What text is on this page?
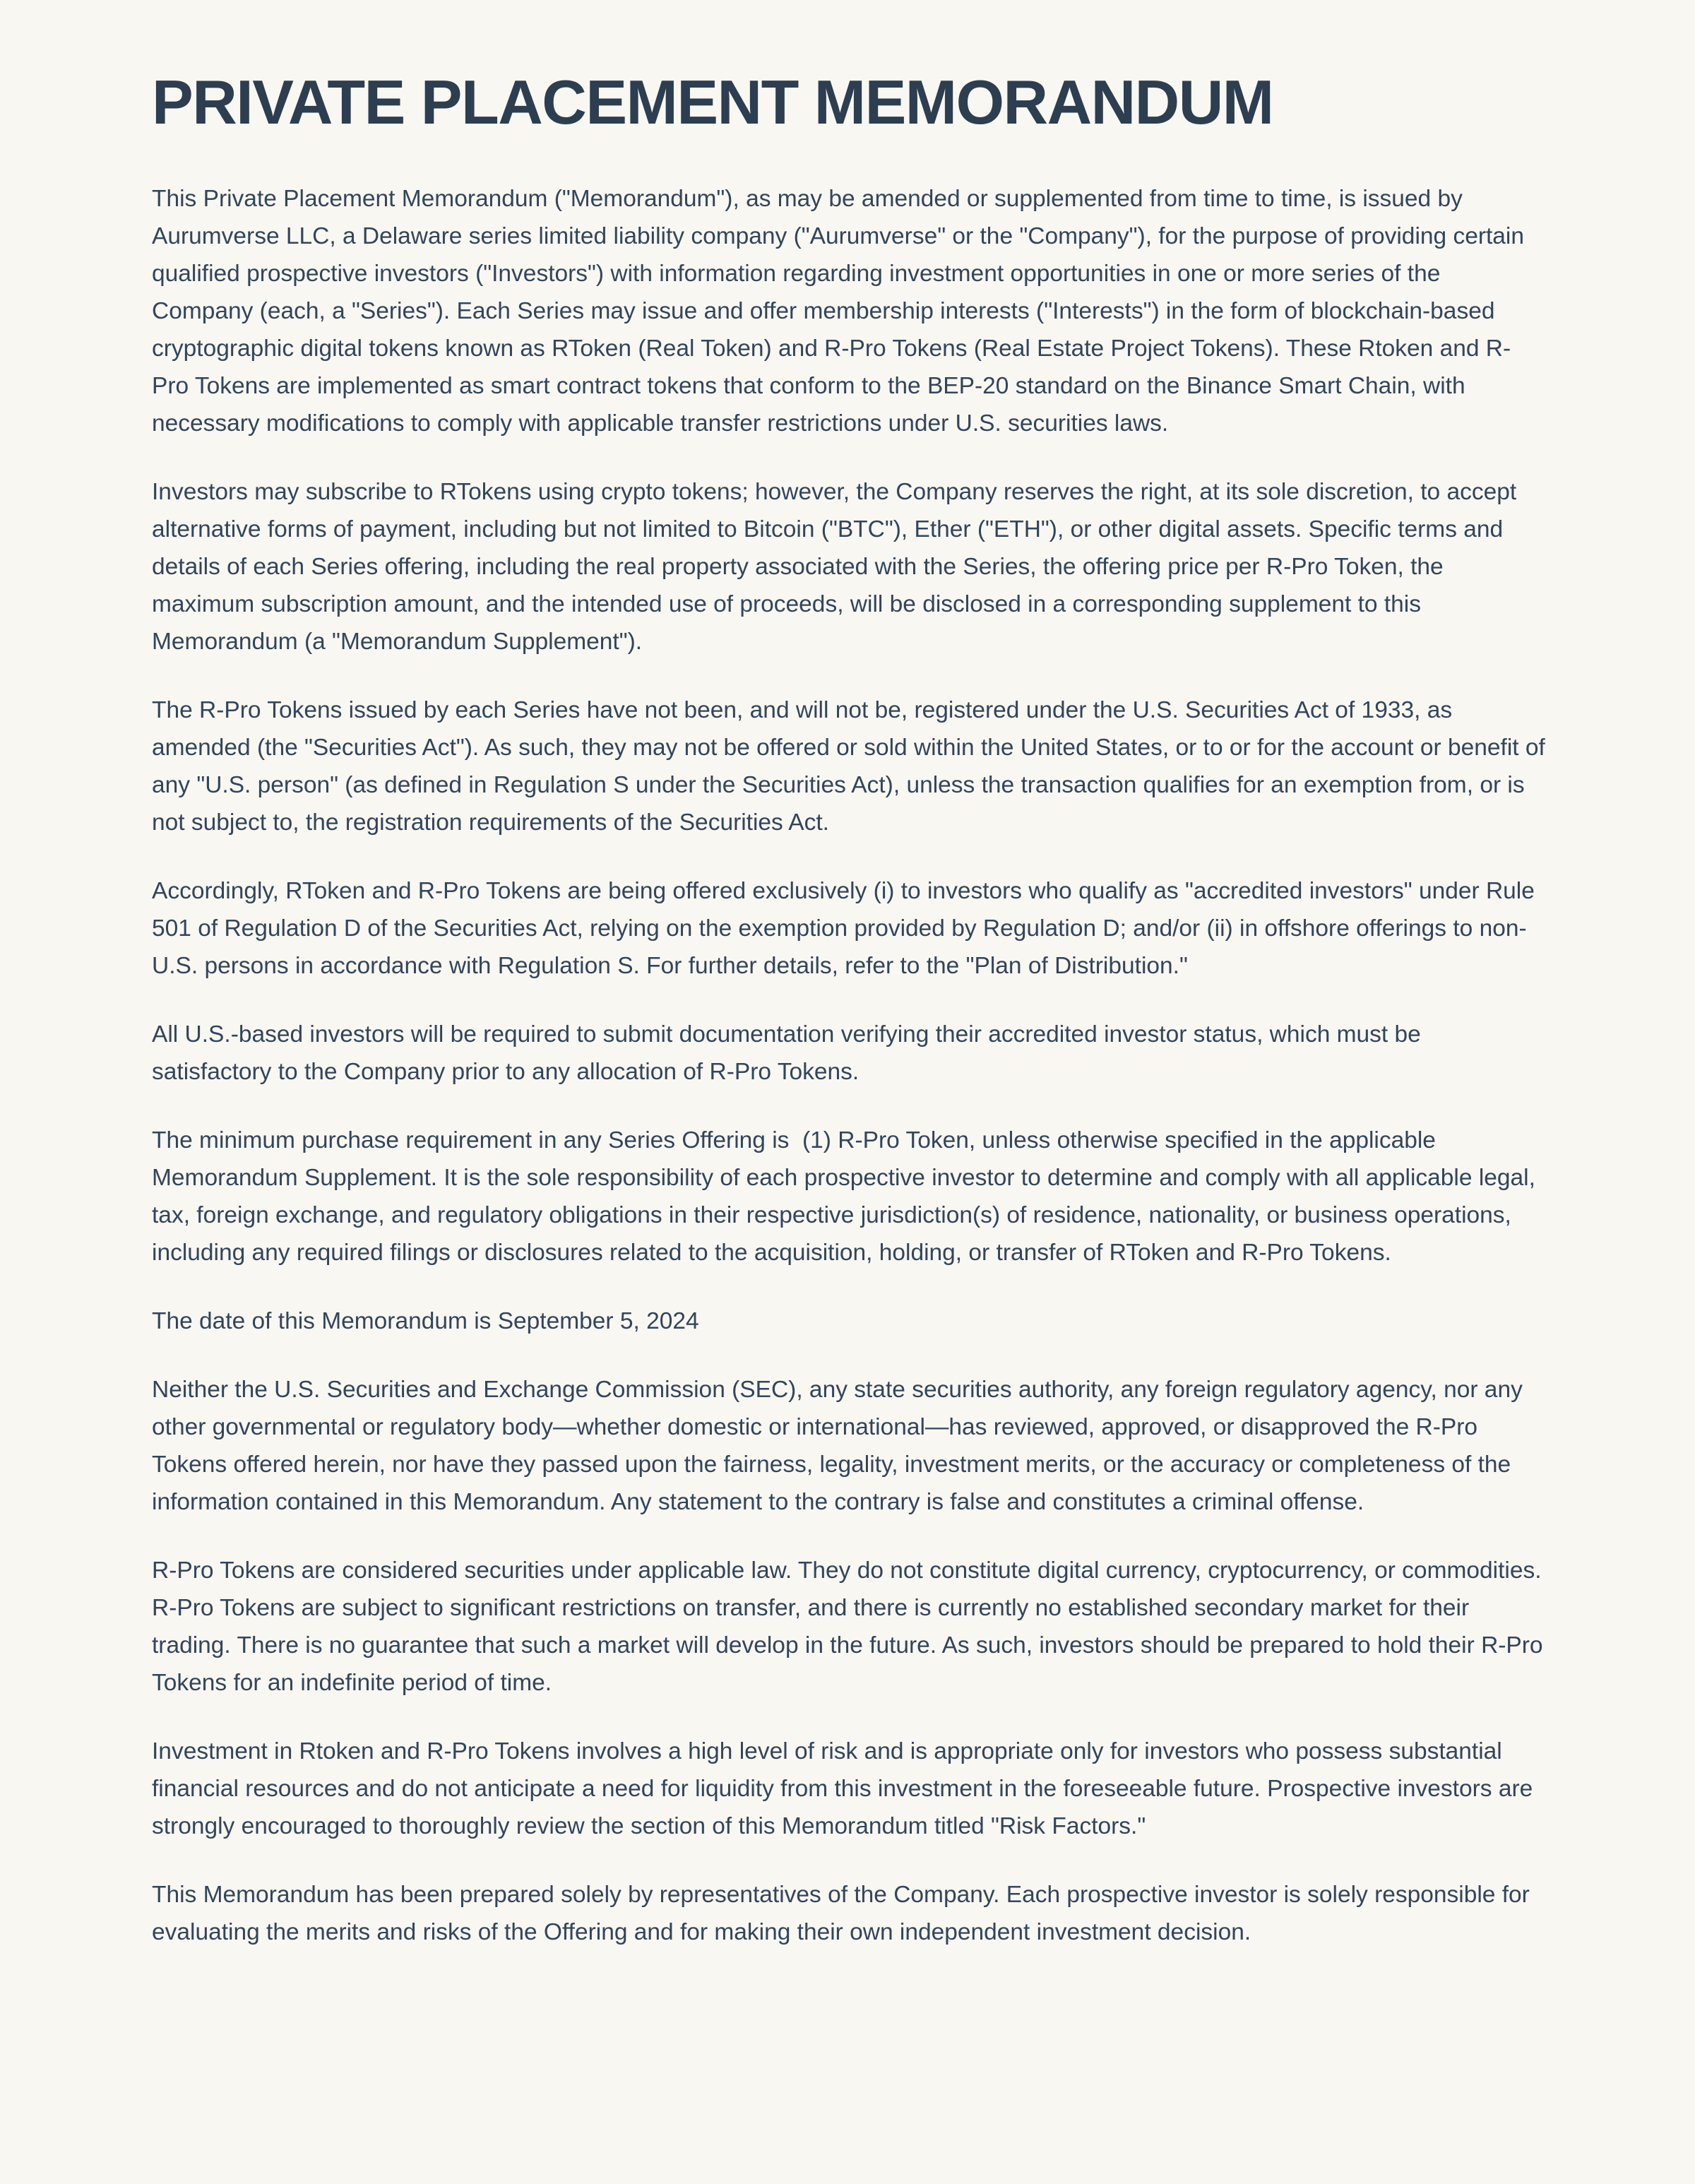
PRIVATE PLACEMENT MEMORANDUM

This Private Placement Memorandum ("Memorandum"), as may be amended or supplemented from time to time, is issued by Aurumverse LLC, a Delaware series limited liability company ("Aurumverse" or the "Company"), for the purpose of providing certain qualified prospective investors ("Investors") with information regarding investment opportunities in one or more series of the Company (each, a "Series"). Each Series may issue and offer membership interests ("Interests") in the form of blockchain-based cryptographic digital tokens known as RToken (Real Token) and R-Pro Tokens (Real Estate Project Tokens). These Rtoken and R-Pro Tokens are implemented as smart contract tokens that conform to the BEP-20 standard on the Binance Smart Chain, with necessary modifications to comply with applicable transfer restrictions under U.S. securities laws.

Investors may subscribe to RTokens using crypto tokens; however, the Company reserves the right, at its sole discretion, to accept alternative forms of payment, including but not limited to Bitcoin ("BTC"), Ether ("ETH"), or other digital assets. Specific terms and details of each Series offering, including the real property associated with the Series, the offering price per R-Pro Token, the maximum subscription amount, and the intended use of proceeds, will be disclosed in a corresponding supplement to this Memorandum (a "Memorandum Supplement").

The R-Pro Tokens issued by each Series have not been, and will not be, registered under the U.S. Securities Act of 1933, as amended (the "Securities Act"). As such, they may not be offered or sold within the United States, or to or for the account or benefit of any "U.S. person" (as defined in Regulation S under the Securities Act), unless the transaction qualifies for an exemption from, or is not subject to, the registration requirements of the Securities Act.

Accordingly, RToken and R-Pro Tokens are being offered exclusively (i) to investors who qualify as "accredited investors" under Rule 501 of Regulation D of the Securities Act, relying on the exemption provided by Regulation D; and/or (ii) in offshore offerings to non-U.S. persons in accordance with Regulation S. For further details, refer to the "Plan of Distribution."

All U.S.-based investors will be required to submit documentation verifying their accredited investor status, which must be satisfactory to the Company prior to any allocation of R-Pro Tokens.

The minimum purchase requirement in any Series Offering is  (1) R-Pro Token, unless otherwise specified in the applicable Memorandum Supplement. It is the sole responsibility of each prospective investor to determine and comply with all applicable legal, tax, foreign exchange, and regulatory obligations in their respective jurisdiction(s) of residence, nationality, or business operations, including any required filings or disclosures related to the acquisition, holding, or transfer of RToken and R-Pro Tokens.

The date of this Memorandum is September 5, 2024

Neither the U.S. Securities and Exchange Commission (SEC), any state securities authority, any foreign regulatory agency, nor any other governmental or regulatory body—whether domestic or international—has reviewed, approved, or disapproved the R-Pro Tokens offered herein, nor have they passed upon the fairness, legality, investment merits, or the accuracy or completeness of the information contained in this Memorandum. Any statement to the contrary is false and constitutes a criminal offense.

R-Pro Tokens are considered securities under applicable law. They do not constitute digital currency, cryptocurrency, or commodities. R-Pro Tokens are subject to significant restrictions on transfer, and there is currently no established secondary market for their trading. There is no guarantee that such a market will develop in the future. As such, investors should be prepared to hold their R-Pro Tokens for an indefinite period of time.

Investment in Rtoken and R-Pro Tokens involves a high level of risk and is appropriate only for investors who possess substantial financial resources and do not anticipate a need for liquidity from this investment in the foreseeable future. Prospective investors are strongly encouraged to thoroughly review the section of this Memorandum titled "Risk Factors."

This Memorandum has been prepared solely by representatives of the Company. Each prospective investor is solely responsible for evaluating the merits and risks of the Offering and for making their own independent investment decision.
